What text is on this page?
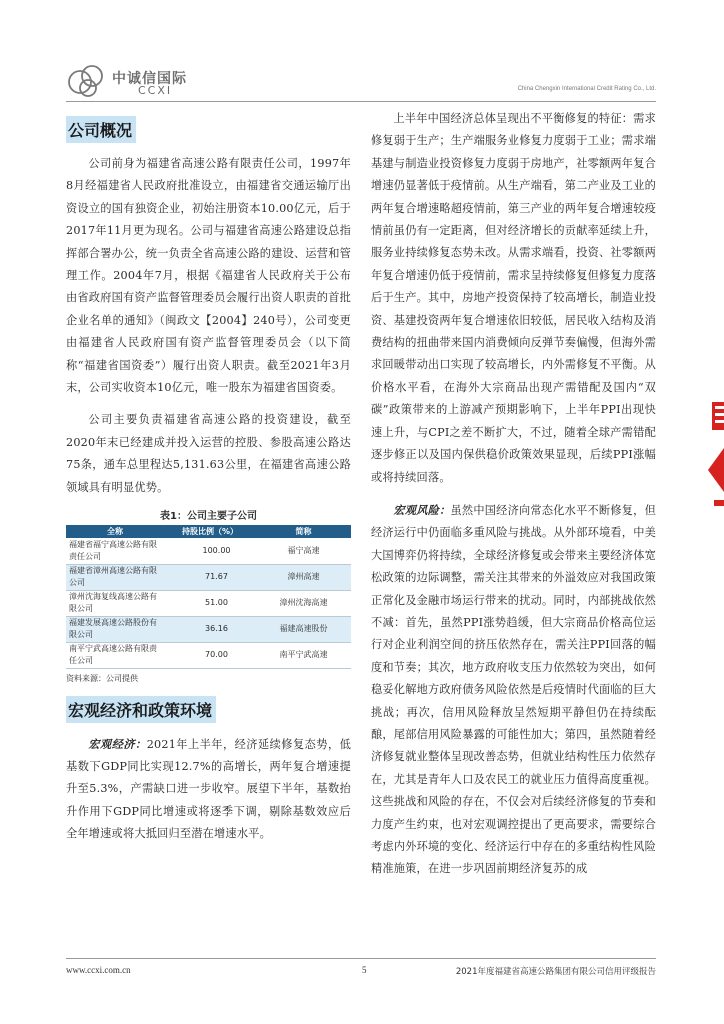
中诚信国际
CCXI	China Chengxin International Credit Rating Co., Ltd.
公司概况

公司前身为福建省高速公路有限责任公司，1997年8月经福建省人民政府批准设立，由福建省交通运输厅出资设立的国有独资企业，初始注册资本10.00亿元，后于2017年11月更为现名。公司与福建省高速公路建设总指挥部合署办公，统一负责全省高速公路的建设、运营和管理工作。2004年7月，根据《福建省人民政府关于公布由省政府国有资产监督管理委员会履行出资人职责的首批企业名单的通知》（闽政文【2004】240号），公司变更由福建省人民政府国有资产监督管理委员会（以下简称“福建省国资委”）履行出资人职责。截至2021年3月末，公司实收资本10亿元，唯一股东为福建省国资委。

公司主要负责福建省高速公路的投资建设，截至2020年末已经建成并投入运营的控股、参股高速公路达75条，通车总里程达5,131.63公里，在福建省高速公路领域具有明显优势。

表1：公司主要子公司
全称	持股比例（%）	简称
福建省福宁高速公路有限责任公司	100.00	福宁高速
福建省漳州高速公路有限公司	71.67	漳州高速
漳州沈海复线高速公路有限公司	51.00	漳州沈海高速
福建发展高速公路股份有限公司	36.16	福建高速股份
南平宁武高速公路有限责任公司	70.00	南平宁武高速
资料来源：公司提供
宏观经济和政策环境

宏观经济：2021年上半年，经济延续修复态势，低基数下GDP同比实现12.7%的高增长，两年复合增速提升至5.3%，产需缺口进一步收窄。展望下半年，基数抬升作用下GDP同比增速或将逐季下调，剔除基数效应后全年增速或将大抵回归至潜在增速水平。

上半年中国经济总体呈现出不平衡修复的特征：需求修复弱于生产；生产端服务业修复力度弱于工业；需求端基建与制造业投资修复力度弱于房地产，社零额两年复合增速仍显著低于疫情前。从生产端看，第二产业及工业的两年复合增速略超疫情前，第三产业的两年复合增速较疫情前虽仍有一定距离，但对经济增长的贡献率延续上升，服务业持续修复态势未改。从需求端看，投资、社零额两年复合增速仍低于疫情前，需求呈持续修复但修复力度落后于生产。其中，房地产投资保持了较高增长，制造业投资、基建投资两年复合增速依旧较低，居民收入结构及消费结构的扭曲带来国内消费倾向反弹节奏偏慢，但海外需求回暖带动出口实现了较高增长，内外需修复不平衡。从价格水平看，在海外大宗商品出现产需错配及国内“双碳”政策带来的上游减产预期影响下，上半年PPI出现快速上升，与CPI之差不断扩大，不过，随着全球产需错配逐步修正以及国内保供稳价政策效果显现，后续PPI涨幅或将持续回落。

宏观风险：虽然中国经济向常态化水平不断修复，但经济运行中仍面临多重风险与挑战。从外部环境看，中美大国博弈仍将持续，全球经济修复或会带来主要经济体宽松政策的边际调整，需关注其带来的外溢效应对我国政策正常化及金融市场运行带来的扰动。同时，内部挑战依然不减：首先，虽然PPI涨势趋缓，但大宗商品价格高位运行对企业利润空间的挤压依然存在，需关注PPI回落的幅度和节奏；其次，地方政府收支压力依然较为突出，如何稳妥化解地方政府债务风险依然是后疫情时代面临的巨大挑战；再次，信用风险释放呈然短期平静但仍在持续酝酿，尾部信用风险暴露的可能性加大；第四，虽然随着经济修复就业整体呈现改善态势，但就业结构性压力依然存在，尤其是青年人口及农民工的就业压力值得高度重视。这些挑战和风险的存在，不仅会对后续经济修复的节奏和力度产生约束，也对宏观调控提出了更高要求，需要综合考虑内外环境的变化、经济运行中存在的多重结构性风险精准施策，在进一步巩固前期经济复苏的成

www.ccxi.com.cn	5	2021年度福建省高速公路集团有限公司信用评级报告
